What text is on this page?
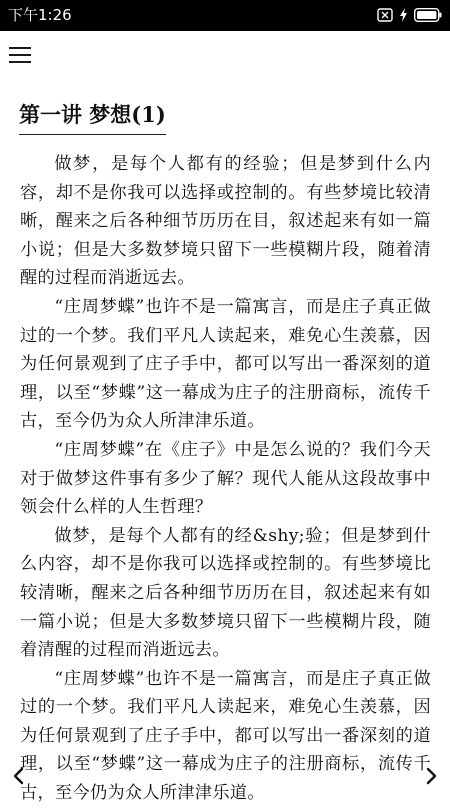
下午1:26
第一讲 梦想(1)

做梦，是每个人都有的经验；但是梦到什么内容，却不是你我可以选择或控制的。有些梦境比较清晰，醒来之后各种细节历历在目，叙述起来有如一篇小说；但是大多数梦境只留下一些模糊片段，随着清醒的过程而消逝远去。

“庄周梦蝶”也许不是一篇寓言，而是庄子真正做过的一个梦。我们平凡人读起来，难免心生羡慕，因为任何景观到了庄子手中，都可以写出一番深刻的道理，以至“梦蝶”这一幕成为庄子的注册商标，流传千古，至今仍为众人所津津乐道。

“庄周梦蝶”在《庄子》中是怎么说的？我们今天对于做梦这件事有多少了解？现代人能从这段故事中领会什么样的人生哲理？

做梦，是每个人都有的经&shy;验；但是梦到什么内容，却不是你我可以选择或控制的。有些梦境比较清晰，醒来之后各种细节历历在目，叙述起来有如一篇小说；但是大多数梦境只留下一些模糊片段，随着清醒的过程而消逝远去。

“庄周梦蝶”也许不是一篇寓言，而是庄子真正做过的一个梦。我们平凡人读起来，难免心生羡慕，因为任何景观到了庄子手中，都可以写出一番深刻的道理，以至“梦蝶”这一幕成为庄子的注册商标，流传千古，至今仍为众人所津津乐道。
